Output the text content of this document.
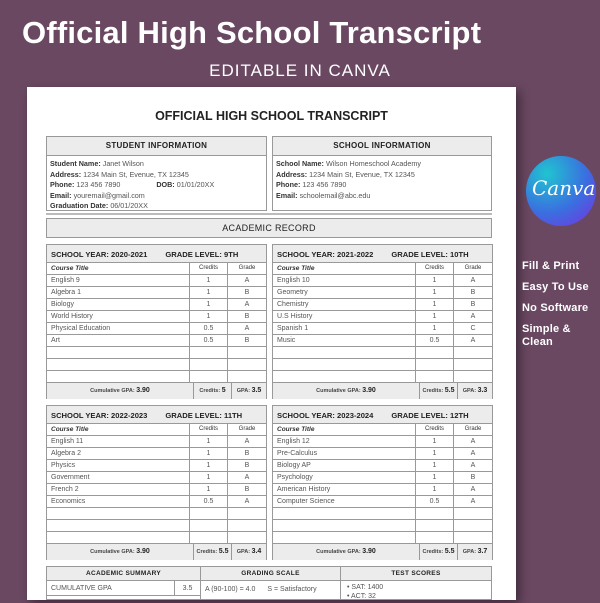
Official High School Transcript
EDITABLE IN CANVA
OFFICIAL HIGH SCHOOL TRANSCRIPT
STUDENT INFORMATION
Student Name: Janet Wilson
Address: 1234 Main St, Evenue, TX 12345
Phone: 123 456 7890	DOB: 01/01/20XX
Email: youremail@gmail.com
Graduation Date: 06/01/20XX
SCHOOL INFORMATION
School Name: Wilson Homeschool Academy
Address: 1234 Main St, Evenue, TX 12345
Phone: 123 456 7890
Email: schoolemail@abc.edu
ACADEMIC RECORD
SCHOOL YEAR: 2020-2021 GRADE LEVEL: 9TH
Course Title	Credits	Grade
English 9	1	A
Algebra 1	1	B
Biology	1	A
World History	1	B
Physical Education	0.5	A
Art	0.5	B
Cumulative GPA: 3.90	Credits: 5	GPA: 3.5
SCHOOL YEAR: 2021-2022 GRADE LEVEL: 10TH
Course Title	Credits	Grade
English 10	1	A
Geometry	1	B
Chemistry	1	B
U.S History	1	A
Spanish 1	1	C
Music	0.5	A
Cumulative GPA: 3.90	Credits: 5.5	GPA: 3.3
SCHOOL YEAR: 2022-2023 GRADE LEVEL: 11TH
Course Title	Credits	Grade
English 11	1	A
Algebra 2	1	B
Physics	1	B
Government	1	A
French 2	1	B
Economics	0.5	A
Cumulative GPA: 3.90	Credits: 5.5	GPA: 3.4
SCHOOL YEAR: 2023-2024 GRADE LEVEL: 12TH
Course Title	Credits	Grade
English 12	1	A
Pre-Calculus	1	A
Biology AP	1	A
Psychology	1	B
American History	1	A
Computer Science	0.5	A
Cumulative GPA: 3.90	Credits: 5.5	GPA: 3.7
ACADEMIC SUMMARY
CUMULATIVE GPA	3.5
GRADING SCALE
A (90-100) = 4.0 S = Satisfactory
TEST SCORES
• SAT: 1400
• ACT: 32
Canva
Fill & Print
Easy To Use
No Software
Simple & Clean
